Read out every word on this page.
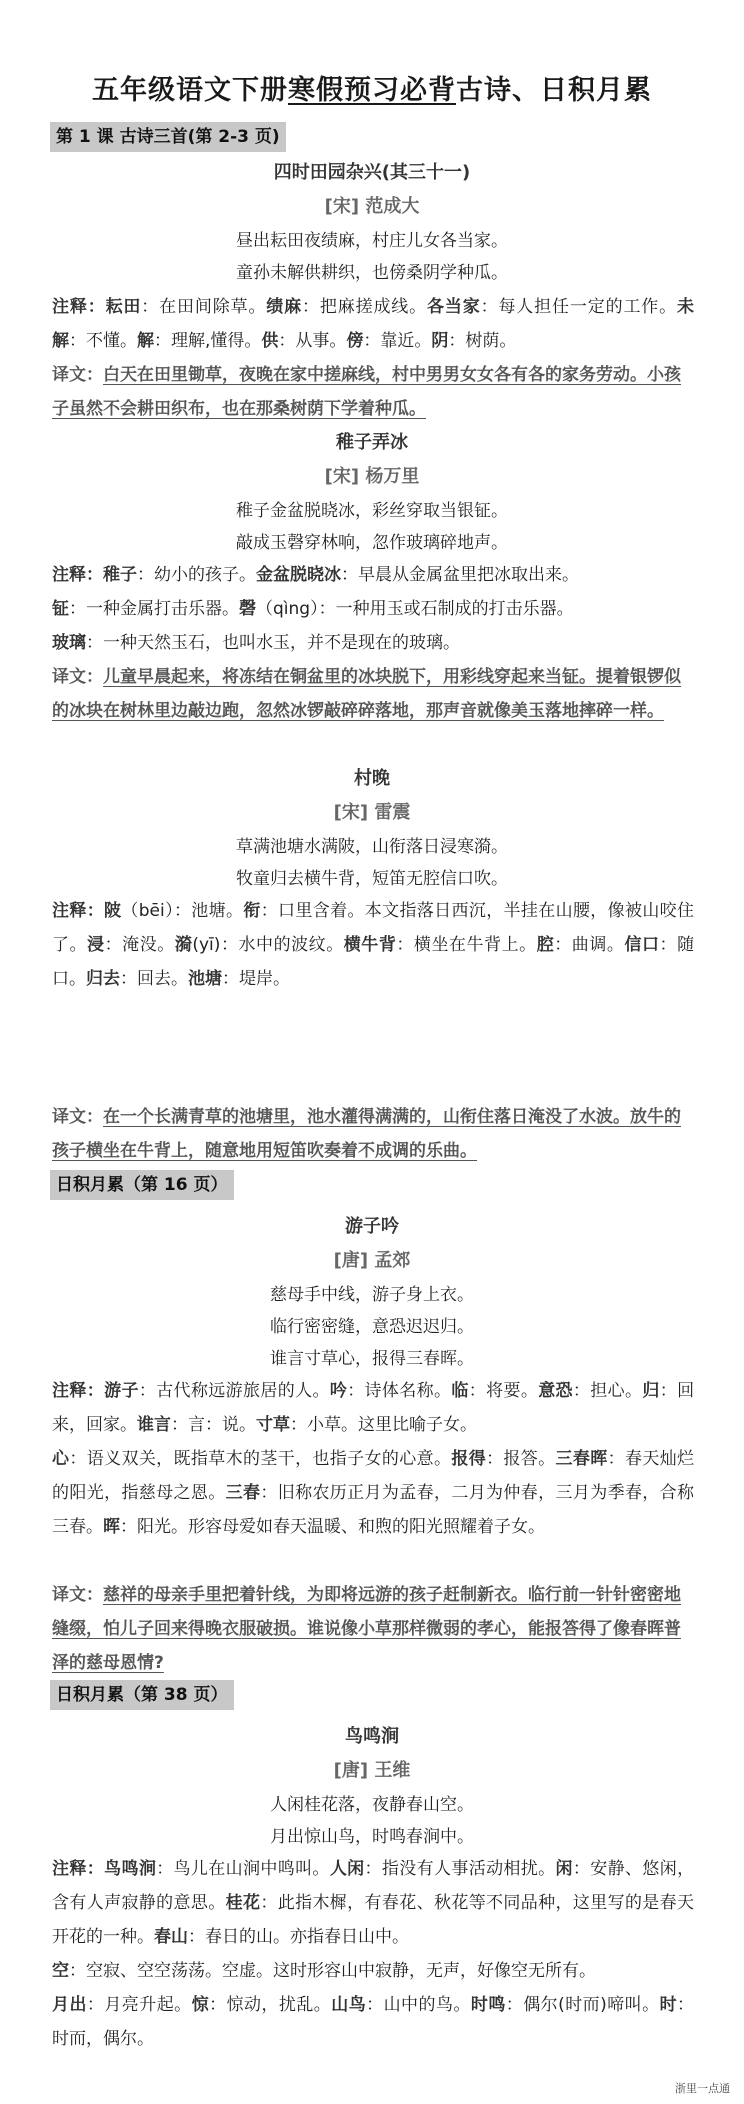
五年级语文下册寒假预习必背古诗、日积月累
第 1 课 古诗三首(第 2-3 页)
四时田园杂兴(其三十一)
[宋] 范成大
昼出耘田夜绩麻，村庄儿女各当家。
童孙未解供耕织，也傍桑阴学种瓜。

注释：耘田：在田间除草。绩麻：把麻搓成线。各当家：每人担任一定的工作。未解：不懂。解：理解,懂得。供：从事。傍：靠近。阴：树荫。

译文：白天在田里锄草，夜晚在家中搓麻线，村中男男女女各有各的家务劳动。小孩子虽然不会耕田织布，也在那桑树荫下学着种瓜。

稚子弄冰
[宋] 杨万里
稚子金盆脱晓冰，彩丝穿取当银钲。
敲成玉磬穿林响，忽作玻璃碎地声。

注释：稚子：幼小的孩子。金盆脱晓冰：早晨从金属盆里把冰取出来。
钲：一种金属打击乐器。磬（qìng）：一种用玉或石制成的打击乐器。
玻璃：一种天然玉石，也叫水玉，并不是现在的玻璃。

译文：儿童早晨起来，将冻结在铜盆里的冰块脱下，用彩线穿起来当钲。提着银锣似的冰块在树林里边敲边跑，忽然冰锣敲碎碎落地，那声音就像美玉落地摔碎一样。

村晚
[宋] 雷震
草满池塘水满陂，山衔落日浸寒漪。
牧童归去横牛背，短笛无腔信口吹。

注释：陂（bēi）：池塘。衔：口里含着。本文指落日西沉，半挂在山腰，像被山咬住了。浸：淹没。漪(yī)：水中的波纹。横牛背：横坐在牛背上。腔：曲调。信口：随口。归去：回去。池塘：堤岸。

译文：在一个长满青草的池塘里，池水灌得满满的，山衔住落日淹没了水波。放牛的孩子横坐在牛背上，随意地用短笛吹奏着不成调的乐曲。

日积月累（第 16 页）
游子吟
[唐] 孟郊
慈母手中线，游子身上衣。
临行密密缝，意恐迟迟归。
谁言寸草心，报得三春晖。

注释：游子：古代称远游旅居的人。吟：诗体名称。临：将要。意恐：担心。归：回来，回家。谁言：言：说。寸草：小草。这里比喻子女。
心：语义双关，既指草木的茎干，也指子女的心意。报得：报答。三春晖：春天灿烂的阳光，指慈母之恩。三春：旧称农历正月为孟春，二月为仲春，三月为季春，合称三春。晖：阳光。形容母爱如春天温暖、和煦的阳光照耀着子女。

译文：慈祥的母亲手里把着针线，为即将远游的孩子赶制新衣。临行前一针针密密地缝缀，怕儿子回来得晚衣服破损。谁说像小草那样微弱的孝心，能报答得了像春晖普泽的慈母恩情?

日积月累（第 38 页）
鸟鸣涧
[唐] 王维
人闲桂花落，夜静春山空。
月出惊山鸟，时鸣春涧中。

注释：鸟鸣涧：鸟儿在山涧中鸣叫。人闲：指没有人事活动相扰。闲：安静、悠闲，含有人声寂静的意思。桂花：此指木樨，有春花、秋花等不同品种，这里写的是春天开花的一种。春山：春日的山。亦指春日山中。
空：空寂、空空荡荡。空虚。这时形容山中寂静，无声，好像空无所有。
月出：月亮升起。惊：惊动，扰乱。山鸟：山中的鸟。时鸣：偶尔(时而)啼叫。时：时而，偶尔。

浙里一点通
